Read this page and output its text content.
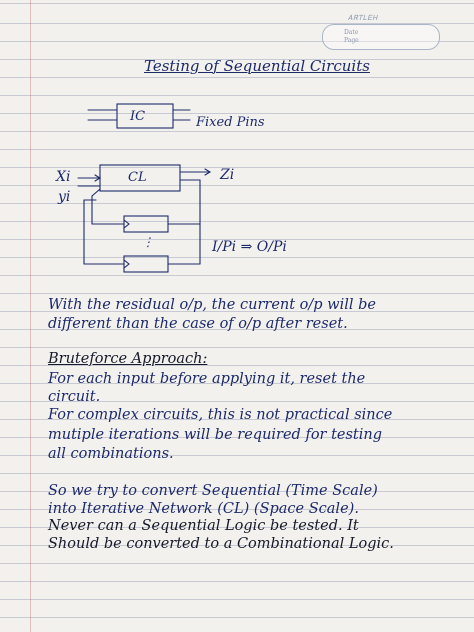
ᎪᏒᎢᏞᎬᎻ
Date
Page
Testing of Sequential Circuits
IC	Fixed Pins
Xi
yi
CL	Zi
⋮	I/Pi ⇒ O/Pi
With the residual o/p, the current o/p will be
different than the case of o/p after reset.
Bruteforce Approach:
For each input before applying it, reset the
circuit.
For complex circuits, this is not practical since
mutiple iterations will be required for testing
all combinations.
So we try to convert Sequential (Time Scale)
into Iterative Network (CL) (Space Scale).
Never can a Sequential Logic be tested. It
Should be converted to a Combinational Logic.
